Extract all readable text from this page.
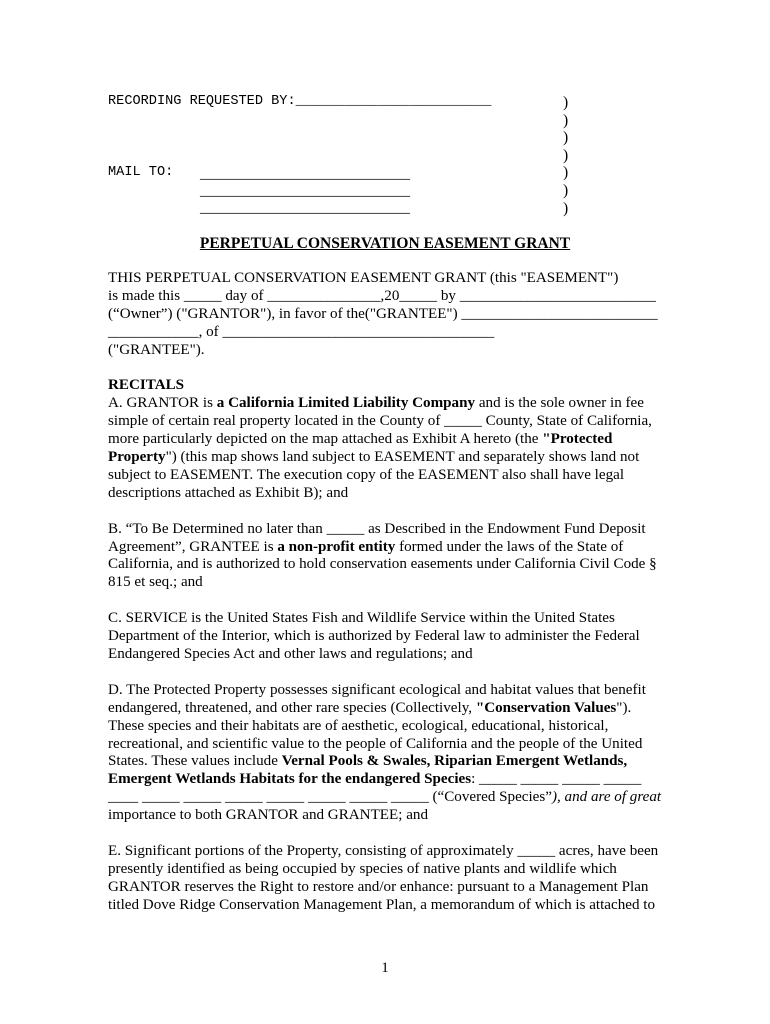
RECORDING REQUESTED BY:________________________
MAIL TO: ____________________________
____________________________
____________________________
)
)
)
)
)
)
)
PERPETUAL CONSERVATION EASEMENT GRANT
THIS PERPETUAL CONSERVATION EASEMENT GRANT (this "EASEMENT")
is made this _____ day of _______________,20_____ by __________________________
(“Owner”) ("GRANTOR"), in favor of the("GRANTEE") __________________________
____________, of ____________________________________
("GRANTEE").
RECITALS
A. GRANTOR is a California Limited Liability Company and is the sole owner in fee
simple of certain real property located in the County of _____ County, State of California,
more particularly depicted on the map attached as Exhibit A hereto (the "Protected
Property") (this map shows land subject to EASEMENT and separately shows land not
subject to EASEMENT. The execution copy of the EASEMENT also shall have legal
descriptions attached as Exhibit B); and
B. “To Be Determined no later than _____ as Described in the Endowment Fund Deposit
Agreement”, GRANTEE is a non-profit entity formed under the laws of the State of
California, and is authorized to hold conservation easements under California Civil Code §
815 et seq.; and
C. SERVICE is the United States Fish and Wildlife Service within the United States
Department of the Interior, which is authorized by Federal law to administer the Federal
Endangered Species Act and other laws and regulations; and
D. The Protected Property possesses significant ecological and habitat values that benefit
endangered, threatened, and other rare species (Collectively, "Conservation Values").
These species and their habitats are of aesthetic, ecological, educational, historical,
recreational, and scientific value to the people of California and the people of the United
States. These values include Vernal Pools & Swales, Riparian Emergent Wetlands,
Emergent Wetlands Habitats for the endangered Species: _____ _____ _____ _____
____ _____ _____ _____ _____ _____ _____ _____ (“Covered Species”), and are of great
importance to both GRANTOR and GRANTEE; and
E. Significant portions of the Property, consisting of approximately _____ acres, have been
presently identified as being occupied by species of native plants and wildlife which
GRANTOR reserves the Right to restore and/or enhance: pursuant to a Management Plan
titled Dove Ridge Conservation Management Plan, a memorandum of which is attached to
1
